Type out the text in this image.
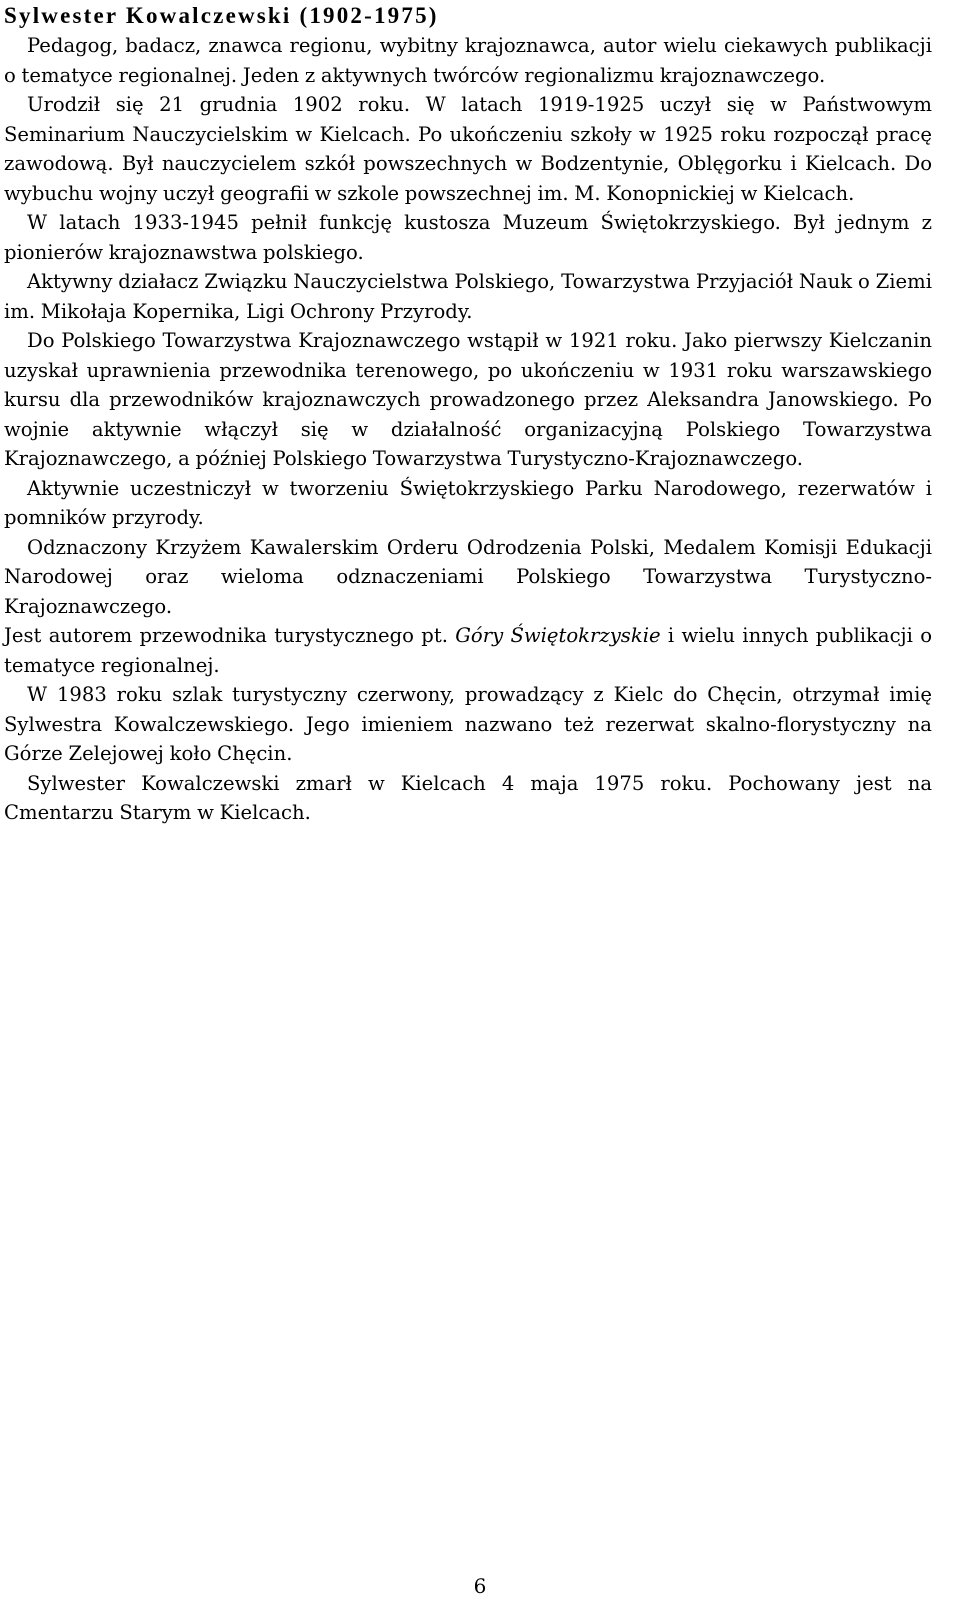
Sylwester Kowalczewski (1902-1975)

Pedagog, badacz, znawca regionu, wybitny krajoznawca, autor wielu ciekawych publikacji o tematyce regionalnej. Jeden z aktywnych twórców regionalizmu krajoznawczego.

Urodził się 21 grudnia 1902 roku. W latach 1919-1925 uczył się w Państwowym Seminarium Nauczycielskim w Kielcach. Po ukończeniu szkoły w 1925 roku rozpoczął pracę zawodową. Był nauczycielem szkół powszechnych w Bodzentynie, Oblęgorku i Kielcach. Do wybuchu wojny uczył geografii w szkole powszechnej im. M. Konopnickiej w Kielcach.

W latach 1933-1945 pełnił funkcję kustosza Muzeum Świętokrzyskiego. Był jednym z pionierów krajoznawstwa polskiego.

Aktywny działacz Związku Nauczycielstwa Polskiego, Towarzystwa Przyjaciół Nauk o Ziemi im. Mikołaja Kopernika, Ligi Ochrony Przyrody.

Do Polskiego Towarzystwa Krajoznawczego wstąpił w 1921 roku. Jako pierwszy Kielczanin uzyskał uprawnienia przewodnika terenowego, po ukończeniu w 1931 roku warszawskiego kursu dla przewodników krajoznawczych prowadzonego przez Aleksandra Janowskiego. Po wojnie aktywnie włączył się w działalność organizacyjną Polskiego Towarzystwa Krajoznawczego, a później Polskiego Towarzystwa Turystyczno-Krajoznawczego.

Aktywnie uczestniczył w tworzeniu Świętokrzyskiego Parku Narodowego, rezerwatów i pomników przyrody.

Odznaczony Krzyżem Kawalerskim Orderu Odrodzenia Polski, Medalem Komisji Edukacji Narodowej oraz wieloma odznaczeniami Polskiego Towarzystwa Turystyczno-Krajoznawczego.

Jest autorem przewodnika turystycznego pt. Góry Świętokrzyskie i wielu innych publikacji o tematyce regionalnej.

W 1983 roku szlak turystyczny czerwony, prowadzący z Kielc do Chęcin, otrzymał imię Sylwestra Kowalczewskiego. Jego imieniem nazwano też rezerwat skalno-florystyczny na Górze Zelejowej koło Chęcin.

Sylwester Kowalczewski zmarł w Kielcach 4 maja 1975 roku. Pochowany jest na Cmentarzu Starym w Kielcach.

6
